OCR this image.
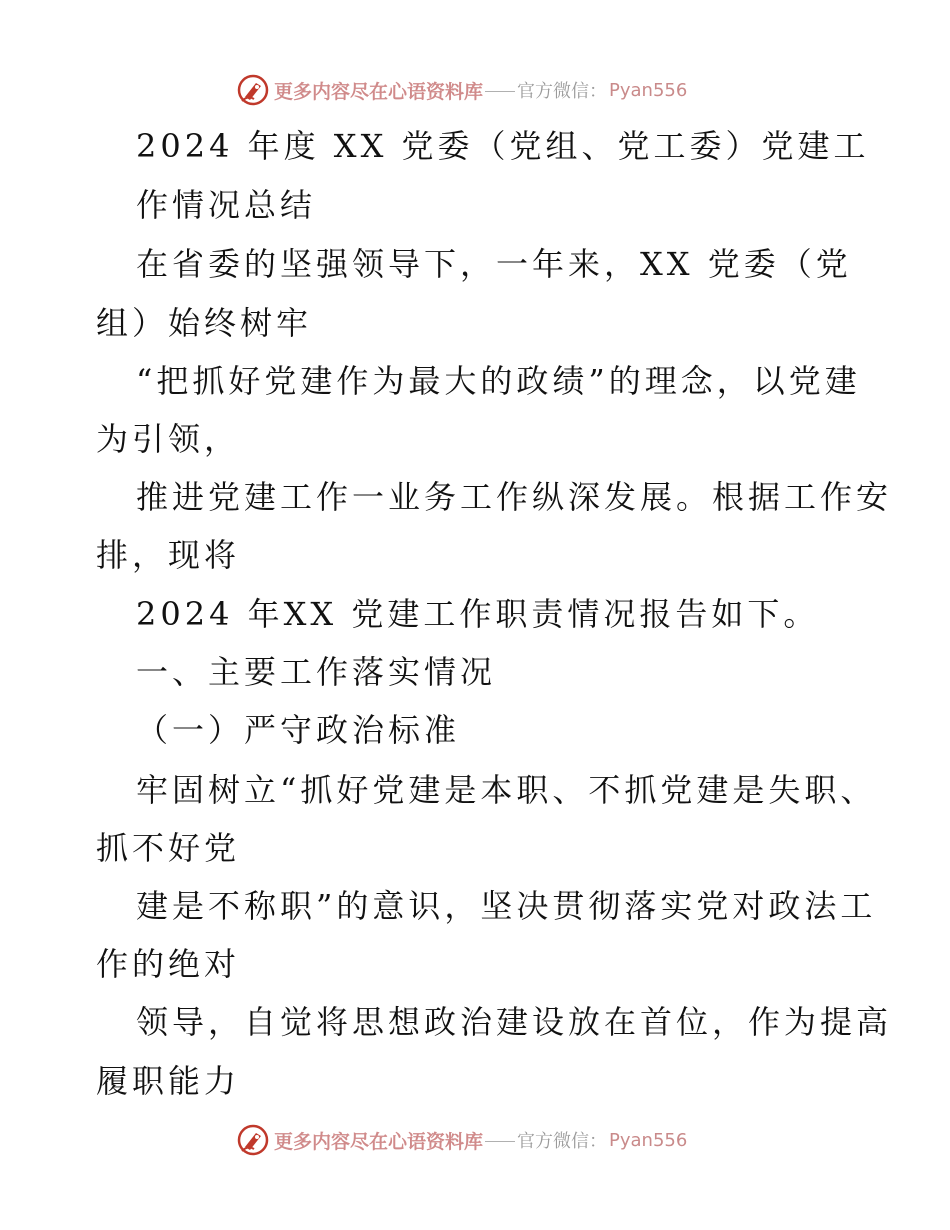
更多内容尽在心语资料库 官方微信： Pyan556
2024 年度 XX 党委（党组、党工委）党建工
作情况总结
在省委的坚强领导下，一年来，XX 党委（党
组）始终树牢
“把抓好党建作为最大的政绩”的理念，以党建
为引领，
推进党建工作一业务工作纵深发展。根据工作安
排，现将
2024 年XX 党建工作职责情况报告如下。
一、主要工作落实情况
（一）严守政治标准
牢固树立“抓好党建是本职、不抓党建是失职、
抓不好党
建是不称职”的意识，坚决贯彻落实党对政法工
作的绝对
领导，自觉将思想政治建设放在首位，作为提高
履职能力
更多内容尽在心语资料库 官方微信： Pyan556
